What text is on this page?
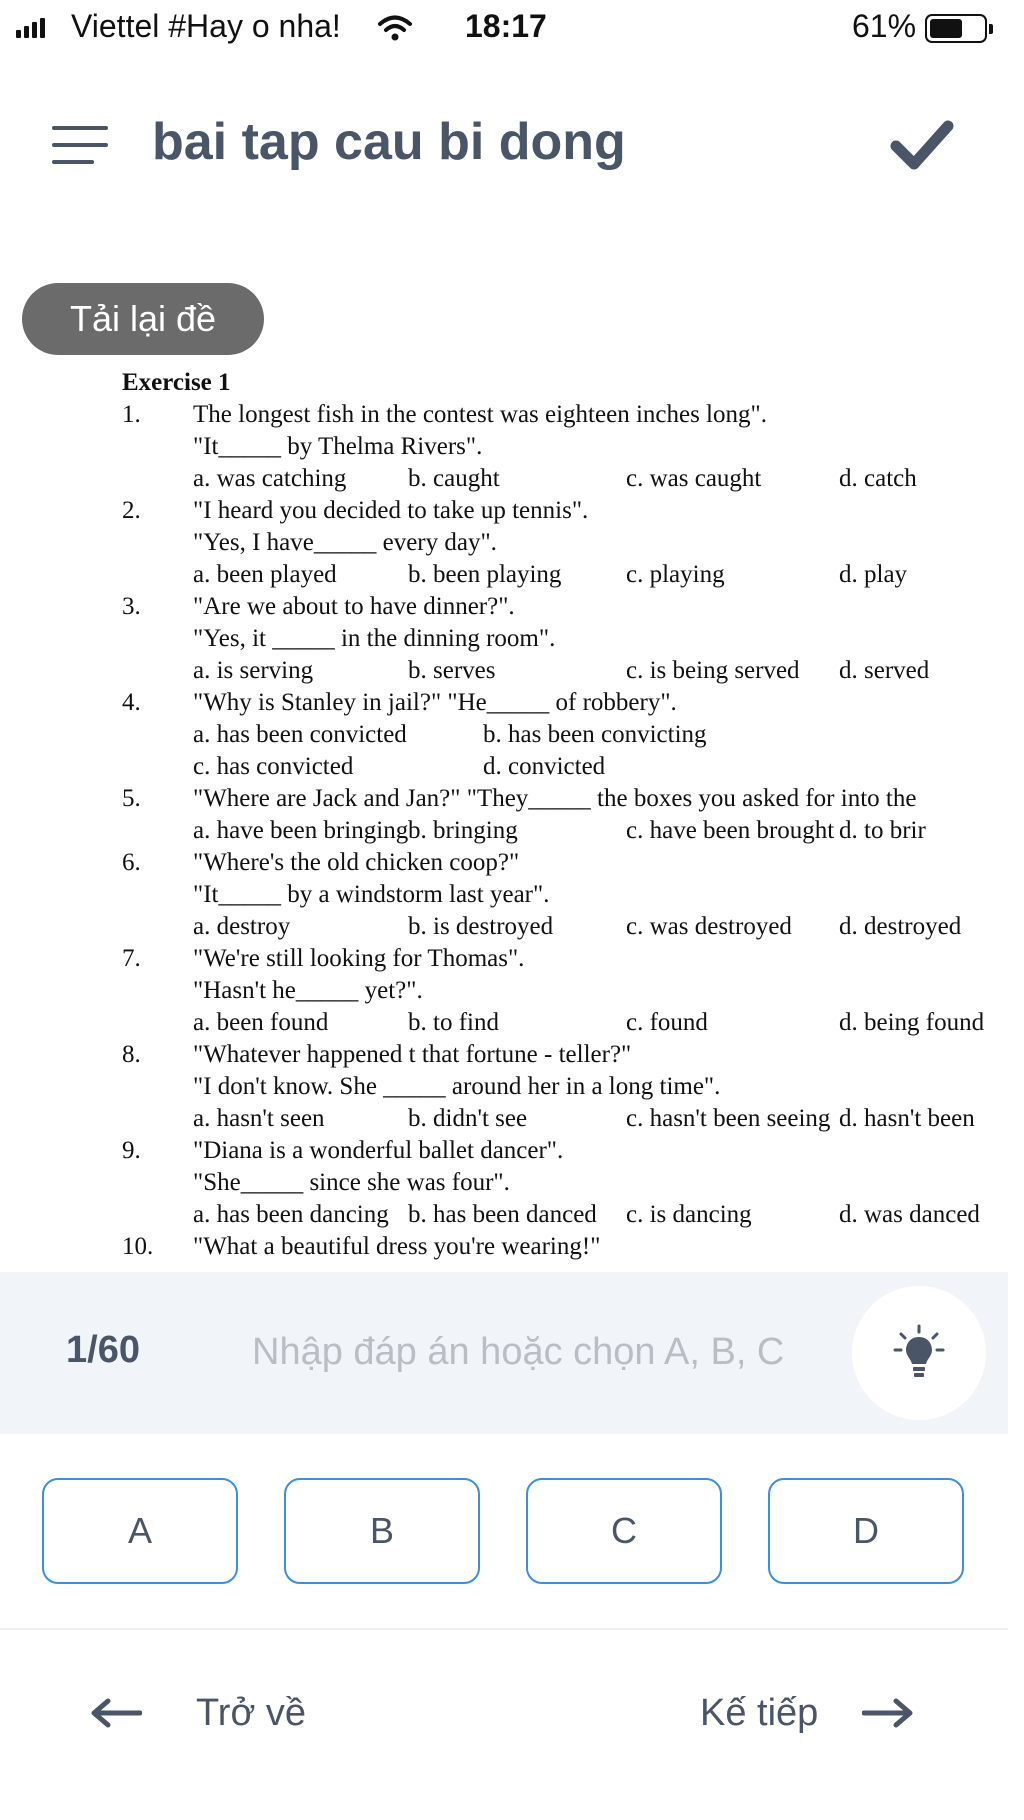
Viettel #Hay o nha!	18:17	61%
bai tap cau bi dong
Tải lại đề
Exercise 1
1.	The longest fish in the contest was eighteen inches long".
"It_____ by Thelma Rivers".
a. was catching b. caught	c. was caught	d. catch
2.	"I heard you decided to take up tennis".
"Yes, I have_____ every day".
a. been played	b. been playing	c. playing	d. play
3.	"Are we about to have dinner?".
"Yes, it _____ in the dinning room".
a. is serving	b. serves	c. is being served d. served
4.	"Why is Stanley in jail?" "He_____ of robbery".
a. has been convicted	b. has been convicting
c. has convicted	d. convicted
5.	"Where are Jack and Jan?" "They_____ the boxes you asked for into the
a. have been bringing b. bringing	c. have been brought d. to brir
6.	"Where's the old chicken coop?"
"It_____ by a windstorm last year".
a. destroy	b. is destroyed	c. was destroyed d. destroyed
7.	"We're still looking for Thomas".
"Hasn't he_____ yet?".
a. been found	b. to find	c. found	d. being found
8.	"Whatever happened t that fortune - teller?"
"I don't know. She _____ around her in a long time".
a. hasn't seen	b. didn't see	c. hasn't been seeing d. hasn't been
9.	"Diana is a wonderful ballet dancer".
"She_____ since she was four".
a. has been dancing b. has been danced c. is dancing	d. was danced
10.	"What a beautiful dress you're wearing!"
1/60
Nhập đáp án hoặc chọn A, B, C
A	B	C	D
Trở về	Kế tiếp
